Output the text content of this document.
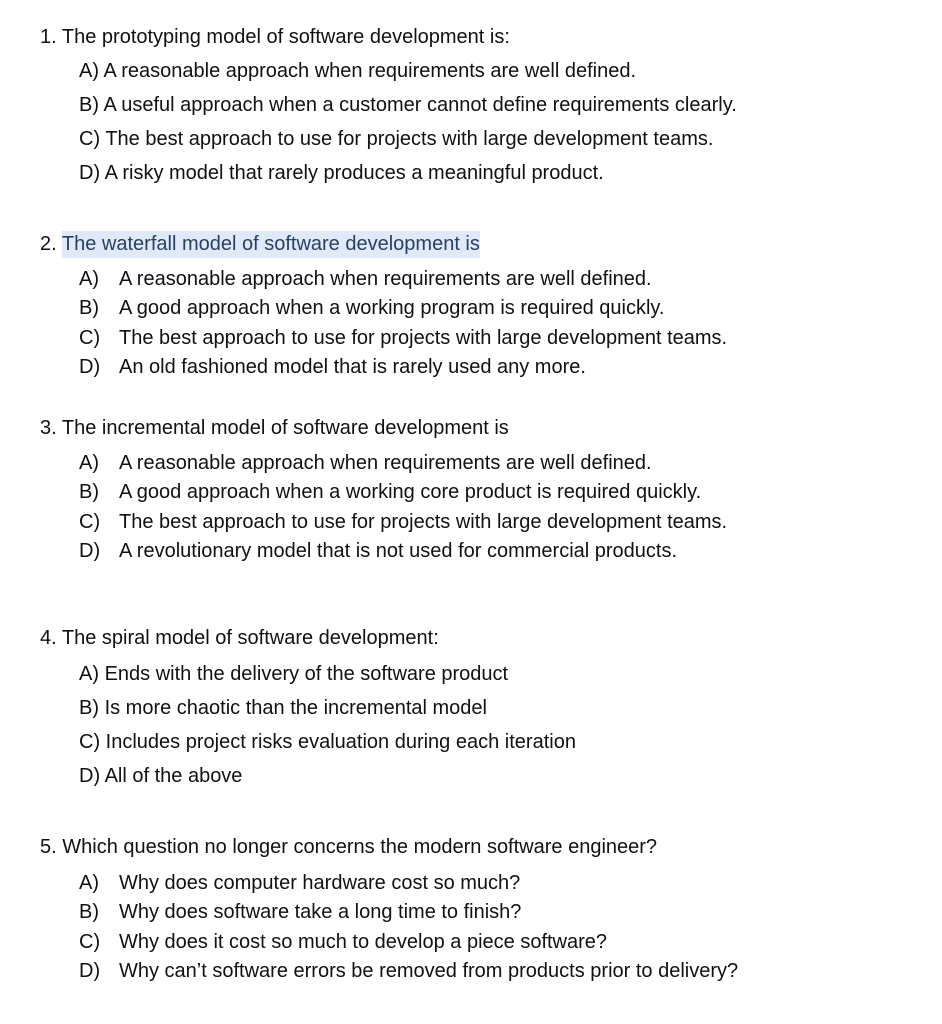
1. The prototyping model of software development is:
A) A reasonable approach when requirements are well defined.
B) A useful approach when a customer cannot define requirements clearly.
C) The best approach to use for projects with large development teams.
D) A risky model that rarely produces a meaningful product.
2. The waterfall model of software development is
A) A reasonable approach when requirements are well defined.
B) A good approach when a working program is required quickly.
C) The best approach to use for projects with large development teams.
D) An old fashioned model that is rarely used any more.
3. The incremental model of software development is
A) A reasonable approach when requirements are well defined.
B) A good approach when a working core product is required quickly.
C) The best approach to use for projects with large development teams.
D) A revolutionary model that is not used for commercial products.
4. The spiral model of software development:
A) Ends with the delivery of the software product
B) Is more chaotic than the incremental model
C) Includes project risks evaluation during each iteration
D) All of the above
5. Which question no longer concerns the modern software engineer?
A) Why does computer hardware cost so much?
B) Why does software take a long time to finish?
C) Why does it cost so much to develop a piece software?
D) Why can’t software errors be removed from products prior to delivery?
